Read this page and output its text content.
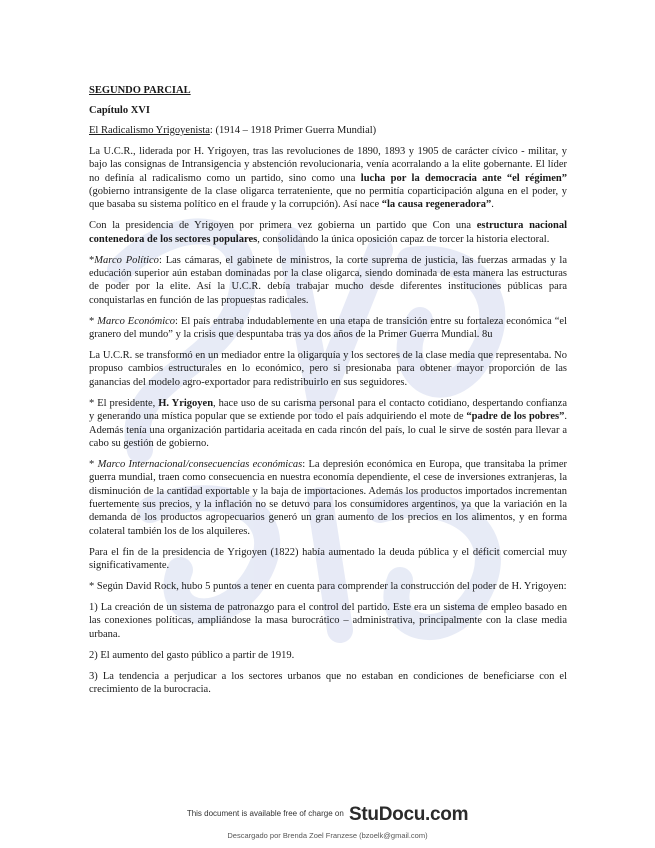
SEGUNDO PARCIAL

Capítulo XVI

El Radicalismo Yrigoyenista: (1914 – 1918 Primer Guerra Mundial)

La U.C.R., liderada por H. Yrigoyen, tras las revoluciones de 1890, 1893 y 1905 de carácter cívico - militar, y bajo las consignas de Intransigencia y abstención revolucionaria, venía acorralando a la elite gobernante. El líder no definía al radicalismo como un partido, sino como una lucha por la democracia ante “el régimen” (gobierno intransigente de la clase oligarca terrateniente, que no permitía coparticipación alguna en el poder, y que basaba su sistema político en el fraude y la corrupción). Así nace “la causa regeneradora”.

Con la presidencia de Yrigoyen por primera vez gobierna un partido que Con una estructura nacional contenedora de los sectores populares, consolidando la única oposición capaz de torcer la historia electoral.

*Marco Político: Las cámaras, el gabinete de ministros, la corte suprema de justicia, las fuerzas armadas y la educación superior aún estaban dominadas por la clase oligarca, siendo dominada de esta manera las estructuras de poder por la elite. Así la U.C.R. debía trabajar mucho desde diferentes instituciones públicas para conquistarlas en función de las propuestas radicales.

* Marco Económico: El país entraba indudablemente en una etapa de transición entre su fortaleza económica “el granero del mundo” y la crisis que despuntaba tras ya dos años de la Primer Guerra Mundial. 8u

La U.C.R. se transformó en un mediador entre la oligarquía y los sectores de la clase media que representaba. No propuso cambios estructurales en lo económico, pero si presionaba para obtener mayor proporción de las ganancias del modelo agro-exportador para redistribuirlo en sus seguidores.

* El presidente, H. Yrigoyen, hace uso de su carisma personal para el contacto cotidiano, despertando confianza y generando una mística popular que se extiende por todo el país adquiriendo el mote de “padre de los pobres”. Además tenía una organización partidaria aceitada en cada rincón del país, lo cual le sirve de sostén para llevar a cabo su gestión de gobierno.

* Marco Internacional/consecuencias económicas: La depresión económica en Europa, que transitaba la primer guerra mundial, traen como consecuencia en nuestra economía dependiente, el cese de inversiones extranjeras, la disminución de la cantidad exportable y la baja de importaciones. Además los productos importados incrementan fuertemente sus precios, y la inflación no se detuvo para los consumidores argentinos, ya que la variación en la demanda de los productos agropecuarios generó un gran aumento de los precios en los alimentos, y en forma colateral también los de los alquileres.

Para el fin de la presidencia de Yrigoyen (1822) había aumentado la deuda pública y el déficit comercial muy significativamente.

* Según David Rock, hubo 5 puntos a tener en cuenta para comprender la construcción del poder de H. Yrigoyen:

1) La creación de un sistema de patronazgo para el control del partido. Este era un sistema de empleo basado en las conexiones políticas, ampliándose la masa burocrático – administrativa, principalmente con la clase media urbana.

2) El aumento del gasto público a partir de 1919.

3) La tendencia a perjudicar a los sectores urbanos que no estaban en condiciones de beneficiarse con el crecimiento de la burocracia.

This document is available free of charge on StuDocu.com
Descargado por Brenda Zoel Franzese (bzoelk@gmail.com)
